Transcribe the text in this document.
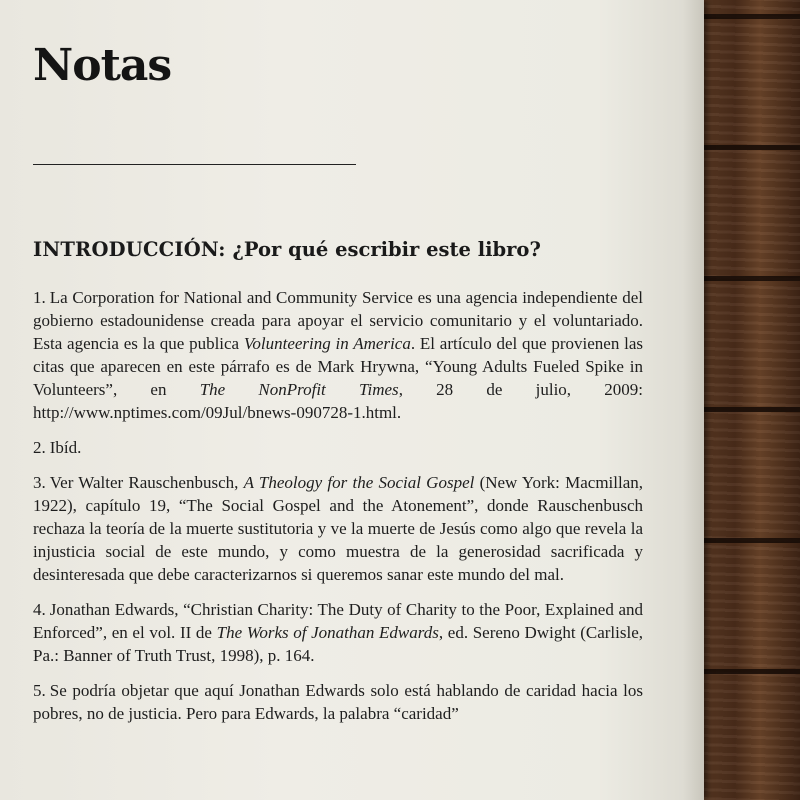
Notas
INTRODUCCIÓN: ¿Por qué escribir este libro?

1. La Corporation for National and Community Service es una agencia independiente del gobierno estadounidense creada para apoyar el servicio comunitario y el voluntariado. Esta agencia es la que publica Volunteering in America. El artículo del que provienen las citas que aparecen en este párrafo es de Mark Hrywna, “Young Adults Fueled Spike in Volunteers”, en The NonProfit Times, 28 de julio, 2009: http://www.nptimes.com/09Jul/bnews-090728-1.html.

2. Ibíd.

3. Ver Walter Rauschenbusch, A Theology for the Social Gospel (New York: Macmillan, 1922), capítulo 19, “The Social Gospel and the Atonement”, donde Rauschenbusch rechaza la teoría de la muerte sustitutoria y ve la muerte de Jesús como algo que revela la injusticia social de este mundo, y como muestra de la generosidad sacrificada y desinteresada que debe caracterizarnos si queremos sanar este mundo del mal.

4. Jonathan Edwards, “Christian Charity: The Duty of Charity to the Poor, Explained and Enforced”, en el vol. II de The Works of Jonathan Edwards, ed. Sereno Dwight (Carlisle, Pa.: Banner of Truth Trust, 1998), p. 164.

5. Se podría objetar que aquí Jonathan Edwards solo está hablando de caridad hacia los pobres, no de justicia. Pero para Edwards, la palabra “caridad”
